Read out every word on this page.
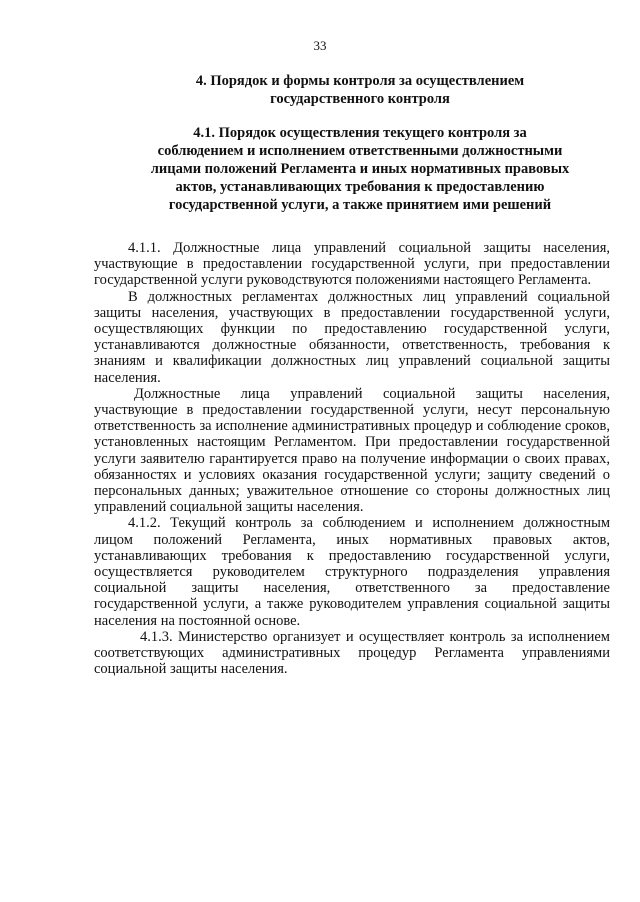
33
4. Порядок и формы контроля за осуществлением государственного контроля
4.1. Порядок осуществления текущего контроля за соблюдением и исполнением ответственными должностными лицами положений Регламента и иных нормативных правовых актов, устанавливающих требования к предоставлению государственной услуги, а также принятием ими решений

4.1.1. Должностные лица управлений социальной защиты населения, участвующие в предоставлении государственной услуги, при предоставлении государственной услуги руководствуются положениями настоящего Регламента.

В должностных регламентах должностных лиц управлений социальной защиты населения, участвующих в предоставлении государственной услуги, осуществляющих функции по предоставлению государственной услуги, устанавливаются должностные обязанности, ответственность, требования к знаниям и квалификации должностных лиц управлений социальной защиты населения.

Должностные лица управлений социальной защиты населения, участвующие в предоставлении государственной услуги, несут персональную ответственность за исполнение административных процедур и соблюдение сроков, установленных настоящим Регламентом. При предоставлении государственной услуги заявителю гарантируется право на получение информации о своих правах, обязанностях и условиях оказания государственной услуги; защиту сведений о персональных данных; уважительное отношение со стороны должностных лиц управлений социальной защиты населения.

4.1.2. Текущий контроль за соблюдением и исполнением должностным лицом положений Регламента, иных нормативных правовых актов, устанавливающих требования к предоставлению государственной услуги, осуществляется руководителем структурного подразделения управления социальной защиты населения, ответственного за предоставление государственной услуги, а также руководителем управления социальной защиты населения на постоянной основе.

4.1.3. Министерство организует и осуществляет контроль за исполнением соответствующих административных процедур Регламента управлениями социальной защиты населения.
